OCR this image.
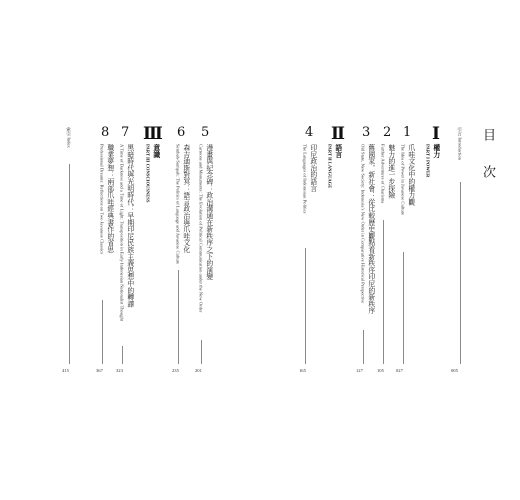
目 次
引言 Introduction
005
I
權力
PART I POWER
1
爪哇文化中的權力觀
The Idea of Power in Javanese Culture
027
2
魅力的進一步探險
Further Adventures of Charisma
105
3
舊國家，新社會：從比較歷史觀點看新秩序印尼的新秩序
Old State, New Society: Indonesia’s New Order in Comparative Historical Perspective
127
II
語言
PART II LANGUAGE
4
印尼政治的語言
The Languages of Indonesian Politics
165
5
漫畫與紀念碑：政治溝通在新秩序之下的演變
Cartoons and Monuments: The Evolution of Political Communication under the New Order
201
6
森吉迪斯對冥：語言政治與爪哇文化
Sembah-Sumpah: The Politics of Language and Javanese Culture
235
III
意識
PART III CONSCIOUSNESS
7
黑暗時代與光明時代：早期印尼民族主義思想中的轉譯
A Time of Darkness and a Time of Light: Transposition in Early Indonesian Nationalist Thought
323
8
職業夢想：兩部爪哇經典書作的省思
Professional Dreams: Reflections on Two Javanese Classics
367
索引 Index
415
